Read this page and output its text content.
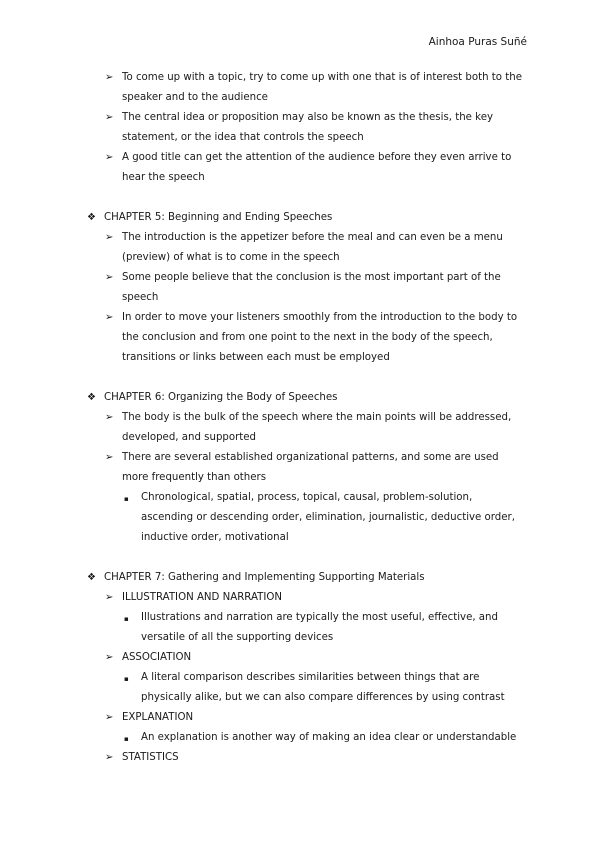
Ainhoa Puras Suñé
➢ To come up with a topic, try to come up with one that is of interest both to the
speaker and to the audience
➢ The central idea or proposition may also be known as the thesis, the key
statement, or the idea that controls the speech
➢ A good title can get the attention of the audience before they even arrive to
hear the speech
❖ CHAPTER 5: Beginning and Ending Speeches
➢ The introduction is the appetizer before the meal and can even be a menu
(preview) of what is to come in the speech
➢ Some people believe that the conclusion is the most important part of the
speech
➢ In order to move your listeners smoothly from the introduction to the body to
the conclusion and from one point to the next in the body of the speech,
transitions or links between each must be employed
❖ CHAPTER 6: Organizing the Body of Speeches
➢ The body is the bulk of the speech where the main points will be addressed,
developed, and supported
➢ There are several established organizational patterns, and some are used
more frequently than others
▪ Chronological, spatial, process, topical, causal, problem-solution,
ascending or descending order, elimination, journalistic, deductive order,
inductive order, motivational
❖ CHAPTER 7: Gathering and Implementing Supporting Materials
➢ ILLUSTRATION AND NARRATION
▪ Illustrations and narration are typically the most useful, effective, and
versatile of all the supporting devices
➢ ASSOCIATION
▪ A literal comparison describes similarities between things that are
physically alike, but we can also compare differences by using contrast
➢ EXPLANATION
▪ An explanation is another way of making an idea clear or understandable
➢ STATISTICS
